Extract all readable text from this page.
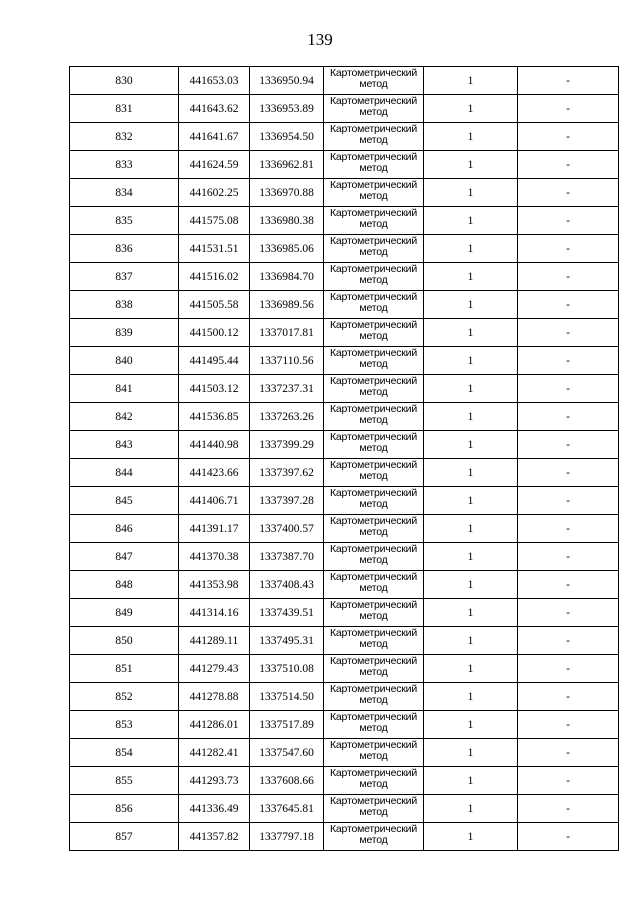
139
830	441653.03	1336950.94	Картометрический метод	1	-
831	441643.62	1336953.89	Картометрический метод	1	-
832	441641.67	1336954.50	Картометрический метод	1	-
833	441624.59	1336962.81	Картометрический метод	1	-
834	441602.25	1336970.88	Картометрический метод	1	-
835	441575.08	1336980.38	Картометрический метод	1	-
836	441531.51	1336985.06	Картометрический метод	1	-
837	441516.02	1336984.70	Картометрический метод	1	-
838	441505.58	1336989.56	Картометрический метод	1	-
839	441500.12	1337017.81	Картометрический метод	1	-
840	441495.44	1337110.56	Картометрический метод	1	-
841	441503.12	1337237.31	Картометрический метод	1	-
842	441536.85	1337263.26	Картометрический метод	1	-
843	441440.98	1337399.29	Картометрический метод	1	-
844	441423.66	1337397.62	Картометрический метод	1	-
845	441406.71	1337397.28	Картометрический метод	1	-
846	441391.17	1337400.57	Картометрический метод	1	-
847	441370.38	1337387.70	Картометрический метод	1	-
848	441353.98	1337408.43	Картометрический метод	1	-
849	441314.16	1337439.51	Картометрический метод	1	-
850	441289.11	1337495.31	Картометрический метод	1	-
851	441279.43	1337510.08	Картометрический метод	1	-
852	441278.88	1337514.50	Картометрический метод	1	-
853	441286.01	1337517.89	Картометрический метод	1	-
854	441282.41	1337547.60	Картометрический метод	1	-
855	441293.73	1337608.66	Картометрический метод	1	-
856	441336.49	1337645.81	Картометрический метод	1	-
857	441357.82	1337797.18	Картометрический метод	1	-
